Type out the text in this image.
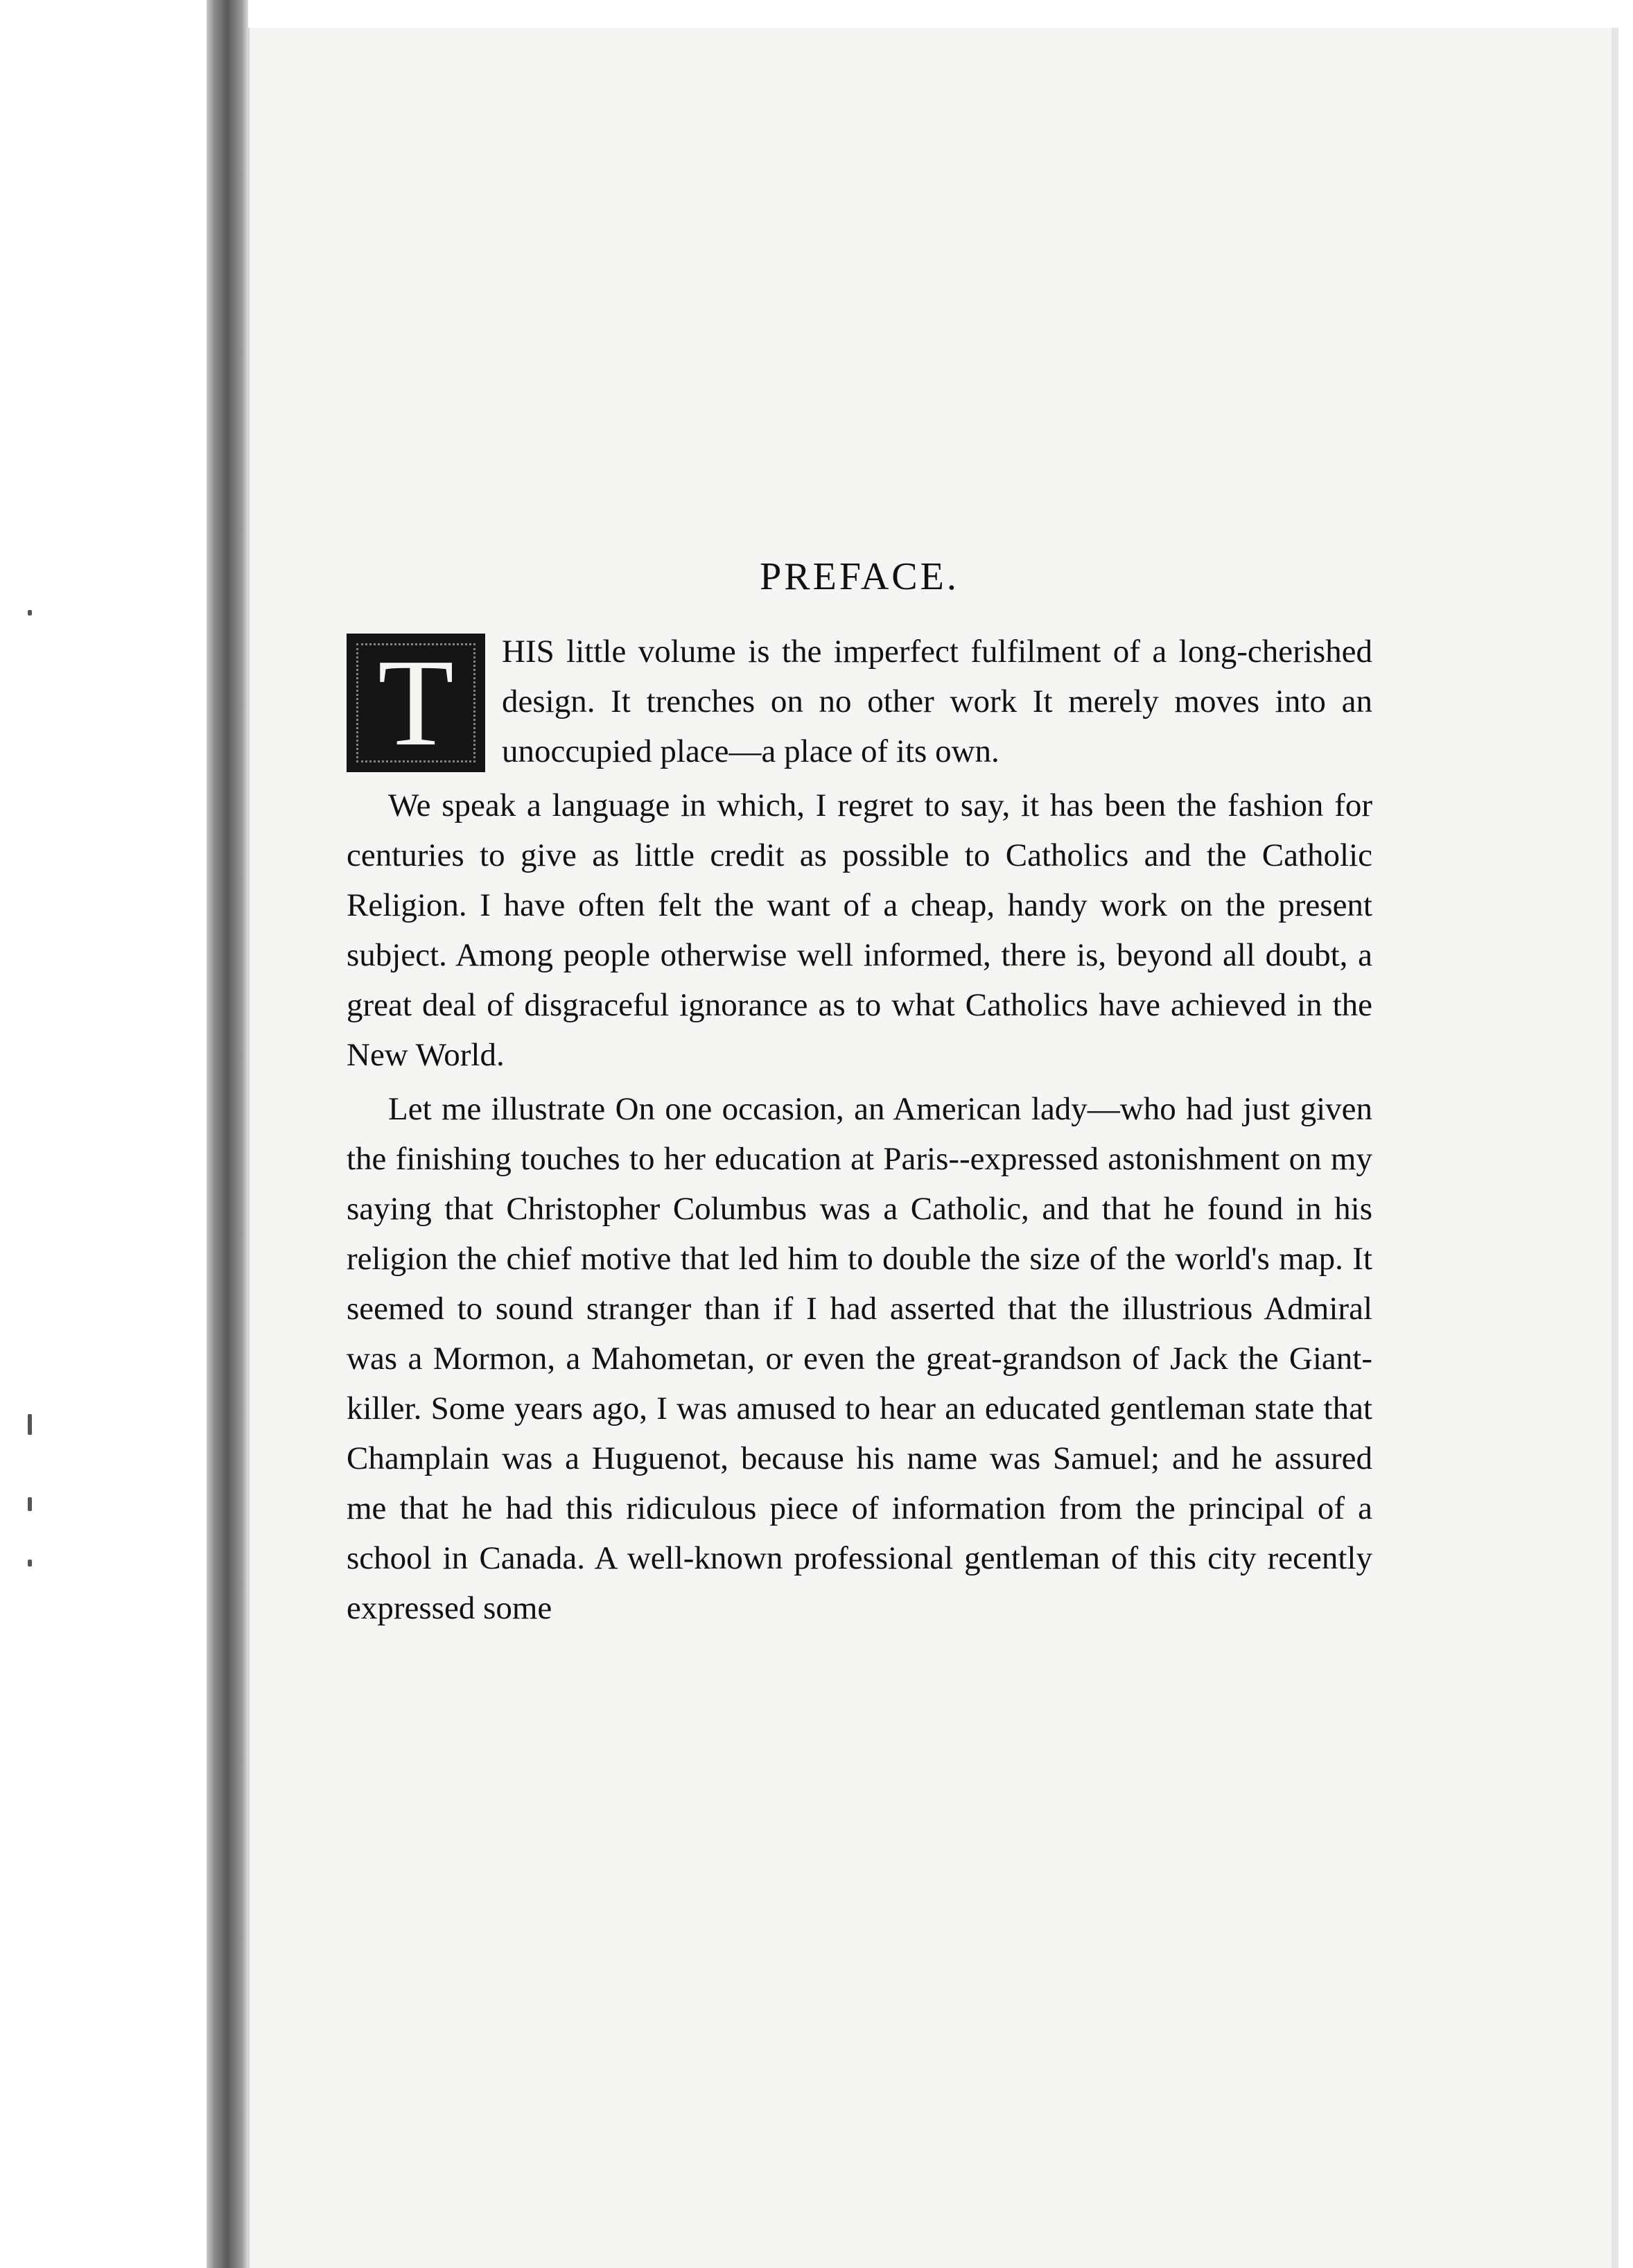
PREFACE.

T HIS little volume is the imperfect fulfilment of a long-cherished design. It trenches on no other work It merely moves into an unoccupied place—a place of its own.

We speak a language in which, I regret to say, it has been the fashion for centuries to give as little credit as possible to Catholics and the Catholic Religion. I have often felt the want of a cheap, handy work on the present subject. Among people otherwise well informed, there is, beyond all doubt, a great deal of disgraceful ignorance as to what Catholics have achieved in the New World.

Let me illustrate On one occasion, an American lady—who had just given the finishing touches to her education at Paris--expressed astonishment on my saying that Christopher Columbus was a Catholic, and that he found in his religion the chief motive that led him to double the size of the world's map. It seemed to sound stranger than if I had asserted that the illustrious Admiral was a Mormon, a Mahometan, or even the great-grandson of Jack the Giant-killer. Some years ago, I was amused to hear an educated gentleman state that Champlain was a Huguenot, because his name was Samuel; and he assured me that he had this ridiculous piece of information from the principal of a school in Canada. A well-known professional gentleman of this city recently expressed some
